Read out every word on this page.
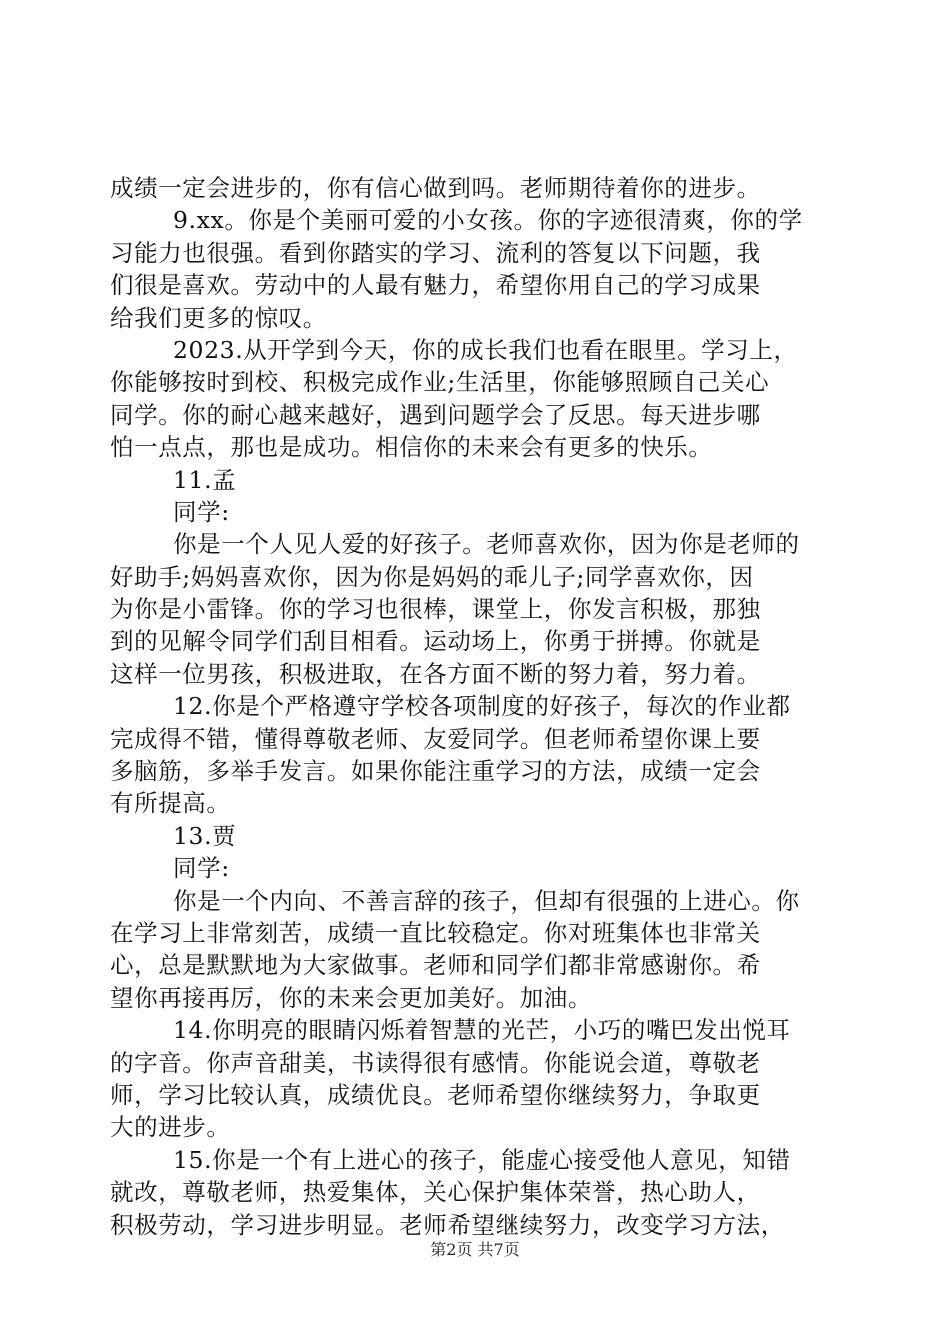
成绩一定会进步的，你有信心做到吗。老师期待着你的进步。
9.xx。你是个美丽可爱的小女孩。你的字迹很清爽，你的学
习能力也很强。看到你踏实的学习、流利的答复以下问题，我
们很是喜欢。劳动中的人最有魅力，希望你用自己的学习成果
给我们更多的惊叹。
2023.从开学到今天，你的成长我们也看在眼里。学习上，
你能够按时到校、积极完成作业;生活里，你能够照顾自己关心
同学。你的耐心越来越好，遇到问题学会了反思。每天进步哪
怕一点点，那也是成功。相信你的未来会有更多的快乐。
11.孟
同学:
你是一个人见人爱的好孩子。老师喜欢你，因为你是老师的
好助手;妈妈喜欢你，因为你是妈妈的乖儿子;同学喜欢你，因
为你是小雷锋。你的学习也很棒，课堂上，你发言积极，那独
到的见解令同学们刮目相看。运动场上，你勇于拼搏。你就是
这样一位男孩，积极进取，在各方面不断的努力着，努力着。
12.你是个严格遵守学校各项制度的好孩子，每次的作业都
完成得不错，懂得尊敬老师、友爱同学。但老师希望你课上要
多脑筋，多举手发言。如果你能注重学习的方法，成绩一定会
有所提高。
13.贾
同学:
你是一个内向、不善言辞的孩子，但却有很强的上进心。你
在学习上非常刻苦，成绩一直比较稳定。你对班集体也非常关
心，总是默默地为大家做事。老师和同学们都非常感谢你。希
望你再接再厉，你的未来会更加美好。加油。
14.你明亮的眼睛闪烁着智慧的光芒，小巧的嘴巴发出悦耳
的字音。你声音甜美，书读得很有感情。你能说会道，尊敬老
师，学习比较认真，成绩优良。老师希望你继续努力，争取更
大的进步。
15.你是一个有上进心的孩子，能虚心接受他人意见，知错
就改，尊敬老师，热爱集体，关心保护集体荣誉，热心助人，
积极劳动，学习进步明显。老师希望继续努力，改变学习方法，
第2页 共7页
